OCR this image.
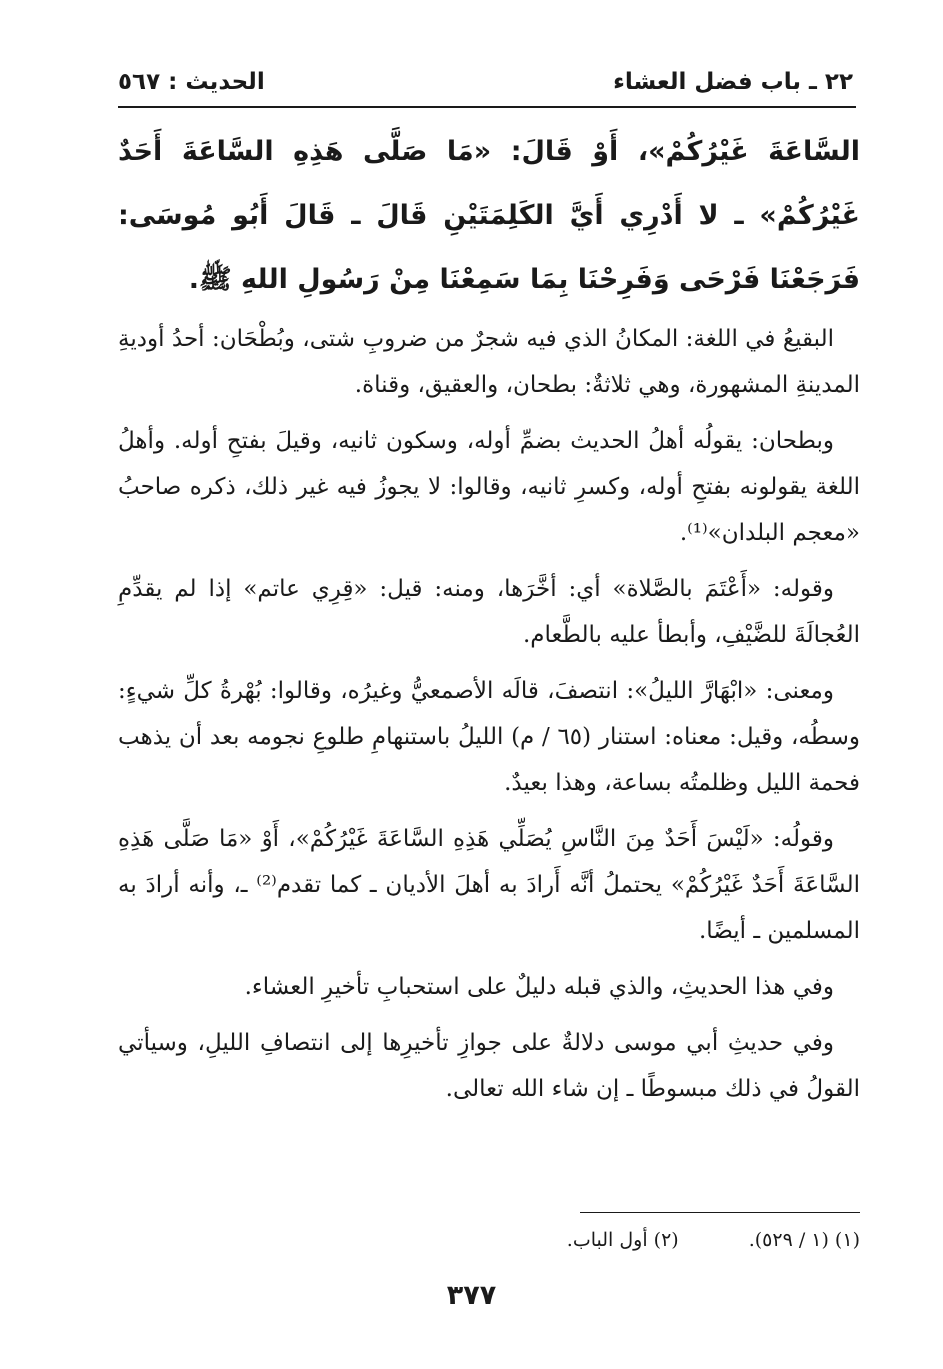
٢٢ ـ باب فضل العشاء
الحديث : ٥٦٧

السَّاعَةَ غَيْرُكُمْ»، أَوْ قَالَ: «مَا صَلَّى هَذِهِ السَّاعَةَ أَحَدٌ غَيْرُكُمْ» ـ لا أَدْرِي أَيَّ الكَلِمَتَيْنِ قَالَ ـ قَالَ أَبُو مُوسَى: فَرَجَعْنَا فَرْحَى وَفَرِحْنَا بِمَا سَمِعْنَا مِنْ رَسُولِ اللهِ ﷺ.

البقيعُ في اللغة: المكانُ الذي فيه شجرٌ من ضروبِ شتى، وبُطْحَان: أحدُ أوديةِ المدينةِ المشهورة، وهي ثلاثةٌ: بطحان، والعقيق، وقناة.

وبطحان: يقولُه أهلُ الحديث بضمِّ أوله، وسكون ثانيه، وقيلَ بفتحِ أوله. وأهلُ اللغة يقولونه بفتحِ أوله، وكسرِ ثانيه، وقالوا: لا يجوزُ فيه غير ذلك، ذكره صاحبُ «معجم البلدان»⁽¹⁾.

وقوله: «أَعْتَمَ بالصَّلاة» أي: أخَّرَها، ومنه: قيل: «قِرِي عاتم» إذا لم يقدِّمِ العُجالَةَ للضَّيْفِ، وأبطأ عليه بالطَّعام.

ومعنى: «ابْهَارَّ الليلُ»: انتصفَ، قالَه الأصمعيُّ وغيرُه، وقالوا: بُهْرةُ كلِّ شيءٍ: وسطُه، وقيل: معناه: استنار (٦٥ / م) الليلُ باستنهامِ طلوعِ نجومه بعد أن يذهب فحمة الليل وظلمتُه بساعة، وهذا بعيدٌ.

وقولُه: «لَيْسَ أَحَدٌ مِنَ النَّاسِ يُصَلِّي هَذِهِ السَّاعَةَ غَيْرُكُمْ»، أَوْ «مَا صَلَّى هَذِهِ السَّاعَةَ أَحَدٌ غَيْرُكُمْ» يحتملُ أنَّه أَرادَ به أهلَ الأديان ـ كما تقدم⁽²⁾ ـ، وأنه أرادَ به المسلمين ـ أيضًا.

وفي هذا الحديثِ، والذي قبله دليلٌ على استحبابِ تأخيرِ العشاء.

وفي حديثِ أبي موسى دلالةٌ على جوازِ تأخيرِها إلى انتصافِ الليلِ، وسيأتي القولُ في ذلك مبسوطًا ـ إن شاء الله تعالى.

(١) (١ / ٥٢٩).
(٢) أول الباب.
٣٧٧
